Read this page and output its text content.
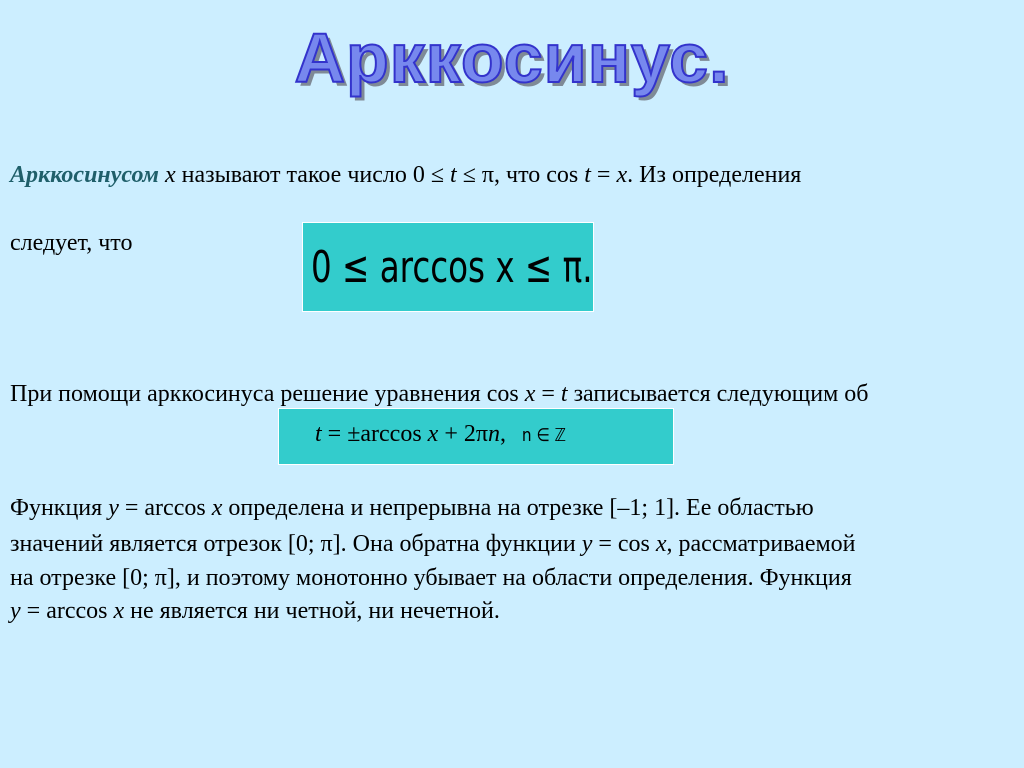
Арккосинус.
Арккосинусом x называют такое число 0 ≤ t ≤ π, что cos t = x. Из определения
следует, что	0 ≤ arccos x ≤ π.
При помощи арккосинуса решение уравнения cos x = t записывается следующим об
t = ±arccos x + 2πn, n ∈ ℤ
Функция y = arccos x определена и непрерывна на отрезке [–1; 1]. Ее областью
значений является отрезок [0; π]. Она обратна функции y = cos x, рассматриваемой
на отрезке [0; π], и поэтому монотонно убывает на области определения. Функция
y = arccos x не является ни четной, ни нечетной.
